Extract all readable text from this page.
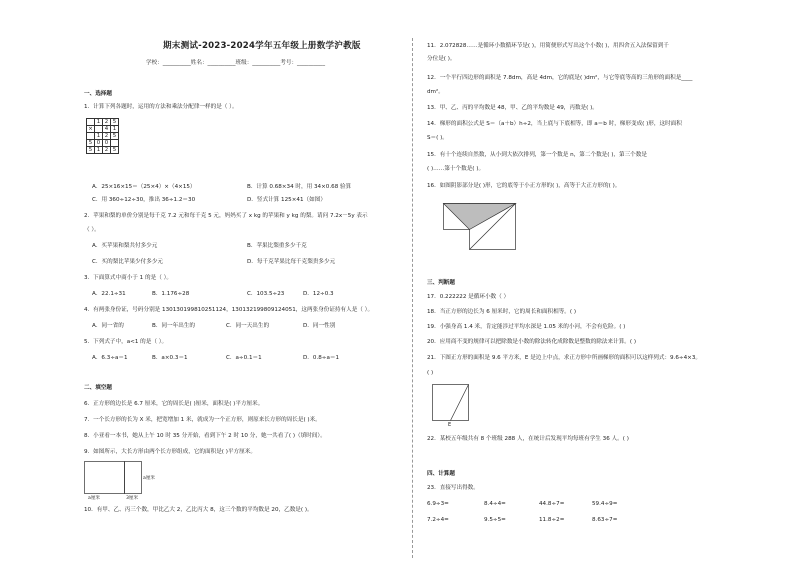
期末测试-2023-2024学年五年级上册数学沪教版
学校：__________姓名：__________班级：__________考号：__________
一、选择题
1．计算下列各题时，运用的方法和乘法分配律一样的是（ ）。
	1	2	5
×		4	1
	1	2	5
5	0	0	
5	1	2	5
A．25×16×15＝（25×4）×（4×15）	B．计算 0.68×34 时，用 34×0.68 验算
C．用 360÷12÷30，推出 36÷1.2＝30	D．竖式计算 125×41（如图）
2．苹果和梨的单价分别是每千克 7.2 元和每千克 5 元，妈妈买了 x kg 的苹果和 y kg 的梨。请问 7.2x－5y 表示
（ ）。
A．买苹果和梨共付多少元	B．苹果比梨重多少千克
C．买的梨比苹果少付多少元	D．每千克苹果比每千克梨贵多少元
3．下面算式中商小于 1 的是（ ）。
A．22.1÷31	B．1.176÷28	C．103.5÷23	D．12÷0.3
4．有两张身份证，号码分别是 130130199810251124，130132199809124051，这两张身份证持有人是（ ）。
A．同一省的	B．同一年出生的	C．同一天出生的	D．同一性别
5．下列式子中，a<1 的是（ ）。
A．6.3÷a＝1	B．a×0.3＝1	C．a÷0.1＝1	D．0.8÷a＝1
二、填空题
6．正方形的边长是 6.7 厘米，它的周长是( )厘米，面积是( )平方厘米。
7．一个长方形的长为 X 米，把宽增加 1 米，就成为一个正方形，则原来长方形的周长是( )米。
8．小亚看一本书，她从上午 10 时 35 分开始，看到下午 2 时 10 分，她一共看了( )（填时间）。
9．如图所示，大长方形由两个长方形组成，它的面积是( )平方厘米。
a厘米	3厘米
a厘米
10．有甲、乙、丙三个数，甲比乙大 2，乙比丙大 8，这三个数的平均数是 20，乙数是( )。
11．2.072828……是循环小数循环节是( )，用简便形式写出这个小数( )，用四舍五入法保留到千
分位是( )。
12．一个平行四边形的面积是 7.8dm，高是 4dm，它的底是( )dm²，与它等底等高的三角形的面积是____
dm²。
13．甲、乙、丙的平均数是 48，甲、乙的平均数是 49，丙数是( )。
14．梯形的面积公式是 S＝（a＋b）h÷2，当上底与下底相等，即 a＝b 时，梯形变成( )形，这时面积
S＝( )。
15．有十个连续自然数，从小到大依次排列，第一个数是 n，第二个数是( )，第三个数是
( )……第十个数是( )。
16．如图阴影部分是( )形，它的底等于小正方形的( )，高等于大正方形的( )。
三、判断题
17．0.222222 是循环小数（ ）
18．当正方形的边长为 6 厘米时，它的周长和面积相等。( )
19．小强身高 1.4 米，肯定能涉过平均水深是 1.05 米的小河，不会有危险。( )
20．应用商不变的规律可以把除数是小数的除法转化成除数是整数的除法来计算。( )
21．下图正方形的面积是 9.6 平方米，E 是边上中点，求正方形中所画梯形的面积可以这样列式：9.6÷4×3。
( )
E
22．某校五年级共有 8 个班级 288 人，在统计后发现平均每班有学生 36 人。( )
四、计算题
23．直接写出得数。
6.9÷3=	8.4÷4=	44.8÷7=	59.4÷9=
7.2÷4=	9.5÷5=	11.8÷2=	8.63÷7=
